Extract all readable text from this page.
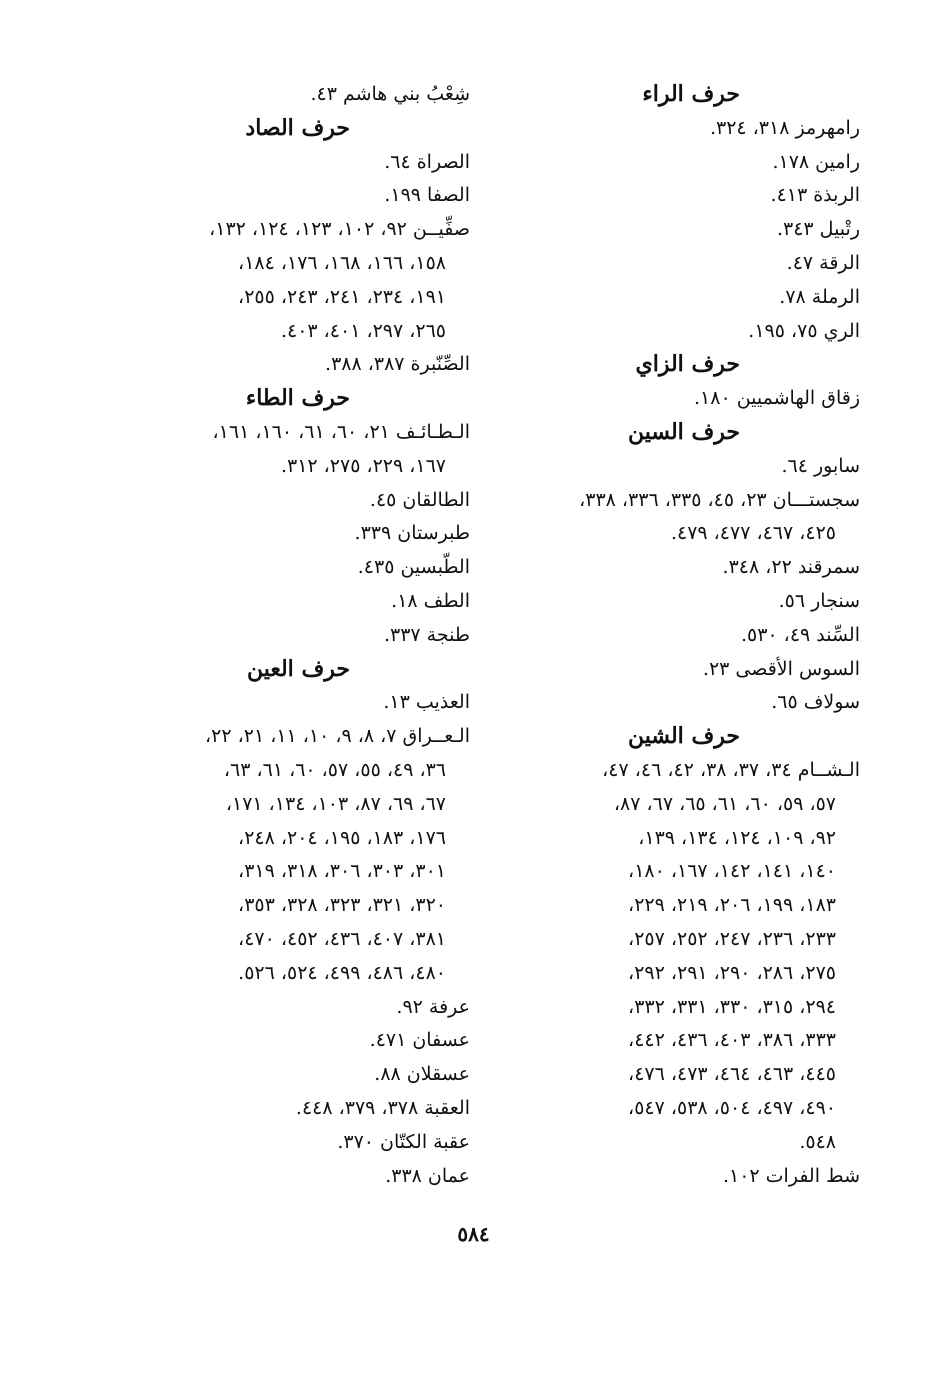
حرف الراء
رامهرمز ٣١٨، ٣٢٤.
رامين ١٧٨.
الربذة ٤١٣.
رتْبيل ٣٤٣.
الرقة ٤٧.
الرملة ٧٨.
الري ٧٥، ١٩٥.
حرف الزاي
زقاق الهاشميين ١٨٠.
حرف السين
سابور ٦٤.
سجستـــان ٢٣، ٤٥، ٣٣٥، ٣٣٦، ٣٣٨،
٤٢٥، ٤٦٧، ٤٧٧، ٤٧٩.
سمرقند ٢٢، ٣٤٨.
سنجار ٥٦.
السِّند ٤٩، ٥٣٠.
السوس الأقصى ٢٣.
سولاف ٦٥.
حرف الشين
الـشــام ٣٤، ٣٧، ٣٨، ٤٢، ٤٦، ٤٧،
٥٧، ٥٩، ٦٠، ٦١، ٦٥، ٦٧، ٨٧،
٩٢، ١٠٩، ١٢٤، ١٣٤، ١٣٩،
١٤٠، ١٤١، ١٤٢، ١٦٧، ١٨٠،
١٨٣، ١٩٩، ٢٠٦، ٢١٩، ٢٢٩،
٢٣٣، ٢٣٦، ٢٤٧، ٢٥٢، ٢٥٧،
٢٧٥، ٢٨٦، ٢٩٠، ٢٩١، ٢٩٢،
٢٩٤، ٣١٥، ٣٣٠، ٣٣١، ٣٣٢،
٣٣٣، ٣٨٦، ٤٠٣، ٤٣٦، ٤٤٢،
٤٤٥، ٤٦٣، ٤٦٤، ٤٧٣، ٤٧٦،
٤٩٠، ٤٩٧، ٥٠٤، ٥٣٨، ٥٤٧،
٥٤٨.
شط الفرات ١٠٢.
شِعْبُ بني هاشم ٤٣.
حرف الصاد
الصراة ٦٤.
الصفا ١٩٩.
صفِّيــن ٩٢، ١٠٢، ١٢٣، ١٢٤، ١٣٢،
١٥٨، ١٦٦، ١٦٨، ١٧٦، ١٨٤،
١٩١، ٢٣٤، ٢٤١، ٢٤٣، ٢٥٥،
٢٦٥، ٢٩٧، ٤٠١، ٤٠٣.
الصِّنّبرة ٣٨٧، ٣٨٨.
حرف الطاء
الـطـائـف ٢١، ٦٠، ٦١، ١٦٠، ١٦١،
١٦٧، ٢٢٩، ٢٧٥، ٣١٢.
الطالقان ٤٥.
طبرستان ٣٣٩.
الطّبسين ٤٣٥.
الطف ١٨.
طنجة ٣٣٧.
حرف العين
العذيب ١٣.
الـعــراق ٧، ٨، ٩، ١٠، ١١، ٢١، ٢٢،
٣٦، ٤٩، ٥٥، ٥٧، ٦٠، ٦١، ٦٣،
٦٧، ٦٩، ٨٧، ١٠٣، ١٣٤، ١٧١،
١٧٦، ١٨٣، ١٩٥، ٢٠٤، ٢٤٨،
٣٠١، ٣٠٣، ٣٠٦، ٣١٨، ٣١٩،
٣٢٠، ٣٢١، ٣٢٣، ٣٢٨، ٣٥٣،
٣٨١، ٤٠٧، ٤٣٦، ٤٥٢، ٤٧٠،
٤٨٠، ٤٨٦، ٤٩٩، ٥٢٤، ٥٢٦.
عرفة ٩٢.
عسفان ٤٧١.
عسقلان ٨٨.
العقبة ٣٧٨، ٣٧٩، ٤٤٨.
عقبة الكتّان ٣٧٠.
عمان ٣٣٨.
٥٨٤
